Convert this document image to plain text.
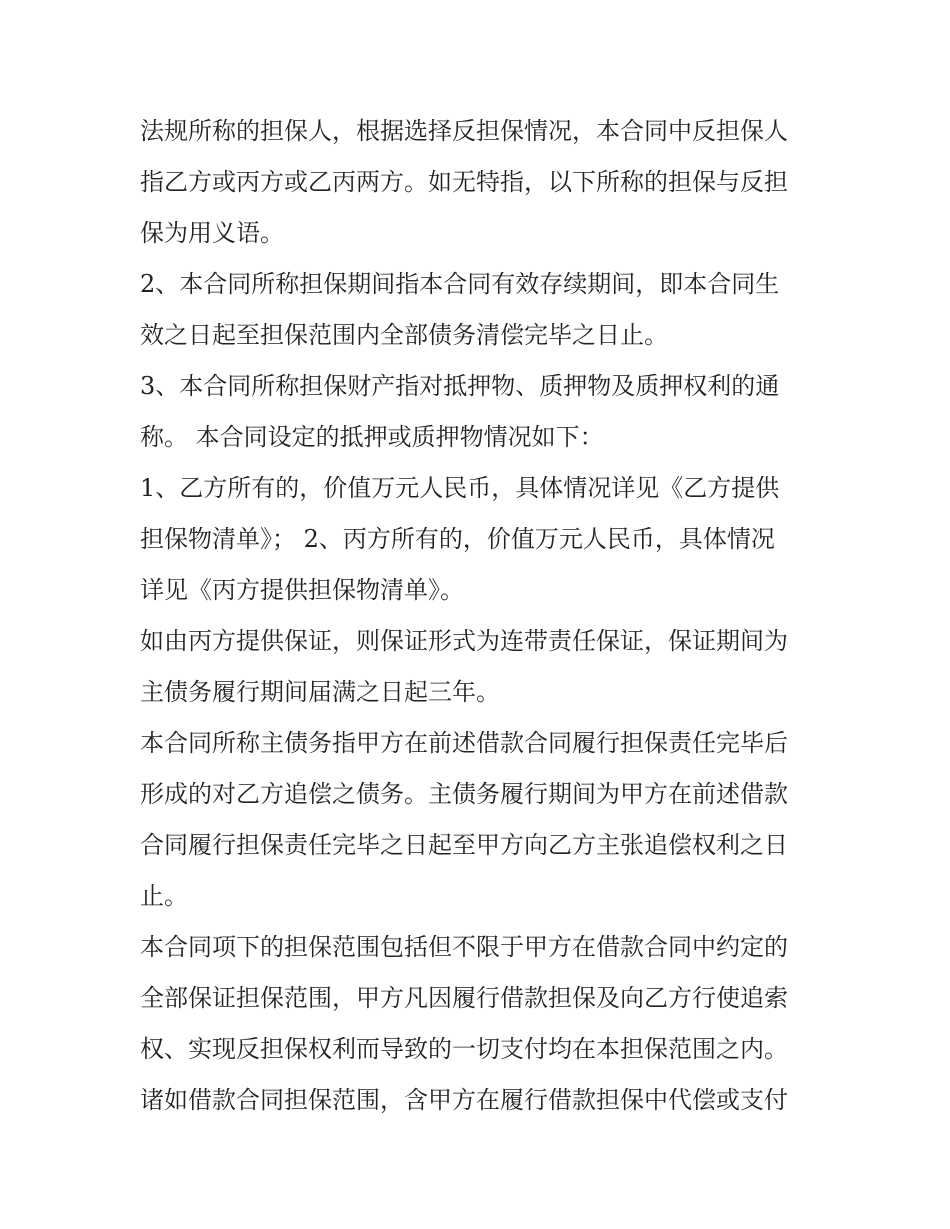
法规所称的担保人，根据选择反担保情况，本合同中反担保人
指乙方或丙方或乙丙两方。如无特指，以下所称的担保与反担
保为用义语。
2、本合同所称担保期间指本合同有效存续期间，即本合同生
效之日起至担保范围内全部债务清偿完毕之日止。
3、本合同所称担保财产指对抵押物、质押物及质押权利的通
称。 本合同设定的抵押或质押物情况如下：
1、乙方所有的，价值万元人民币，具体情况详见《乙方提供
担保物清单》； 2、丙方所有的，价值万元人民币，具体情况
详见《丙方提供担保物清单》。
如由丙方提供保证，则保证形式为连带责任保证，保证期间为
主债务履行期间届满之日起三年。
本合同所称主债务指甲方在前述借款合同履行担保责任完毕后
形成的对乙方追偿之债务。主债务履行期间为甲方在前述借款
合同履行担保责任完毕之日起至甲方向乙方主张追偿权利之日
止。
本合同项下的担保范围包括但不限于甲方在借款合同中约定的
全部保证担保范围，甲方凡因履行借款担保及向乙方行使追索
权、实现反担保权利而导致的一切支付均在本担保范围之内。
诸如借款合同担保范围，含甲方在履行借款担保中代偿或支付
